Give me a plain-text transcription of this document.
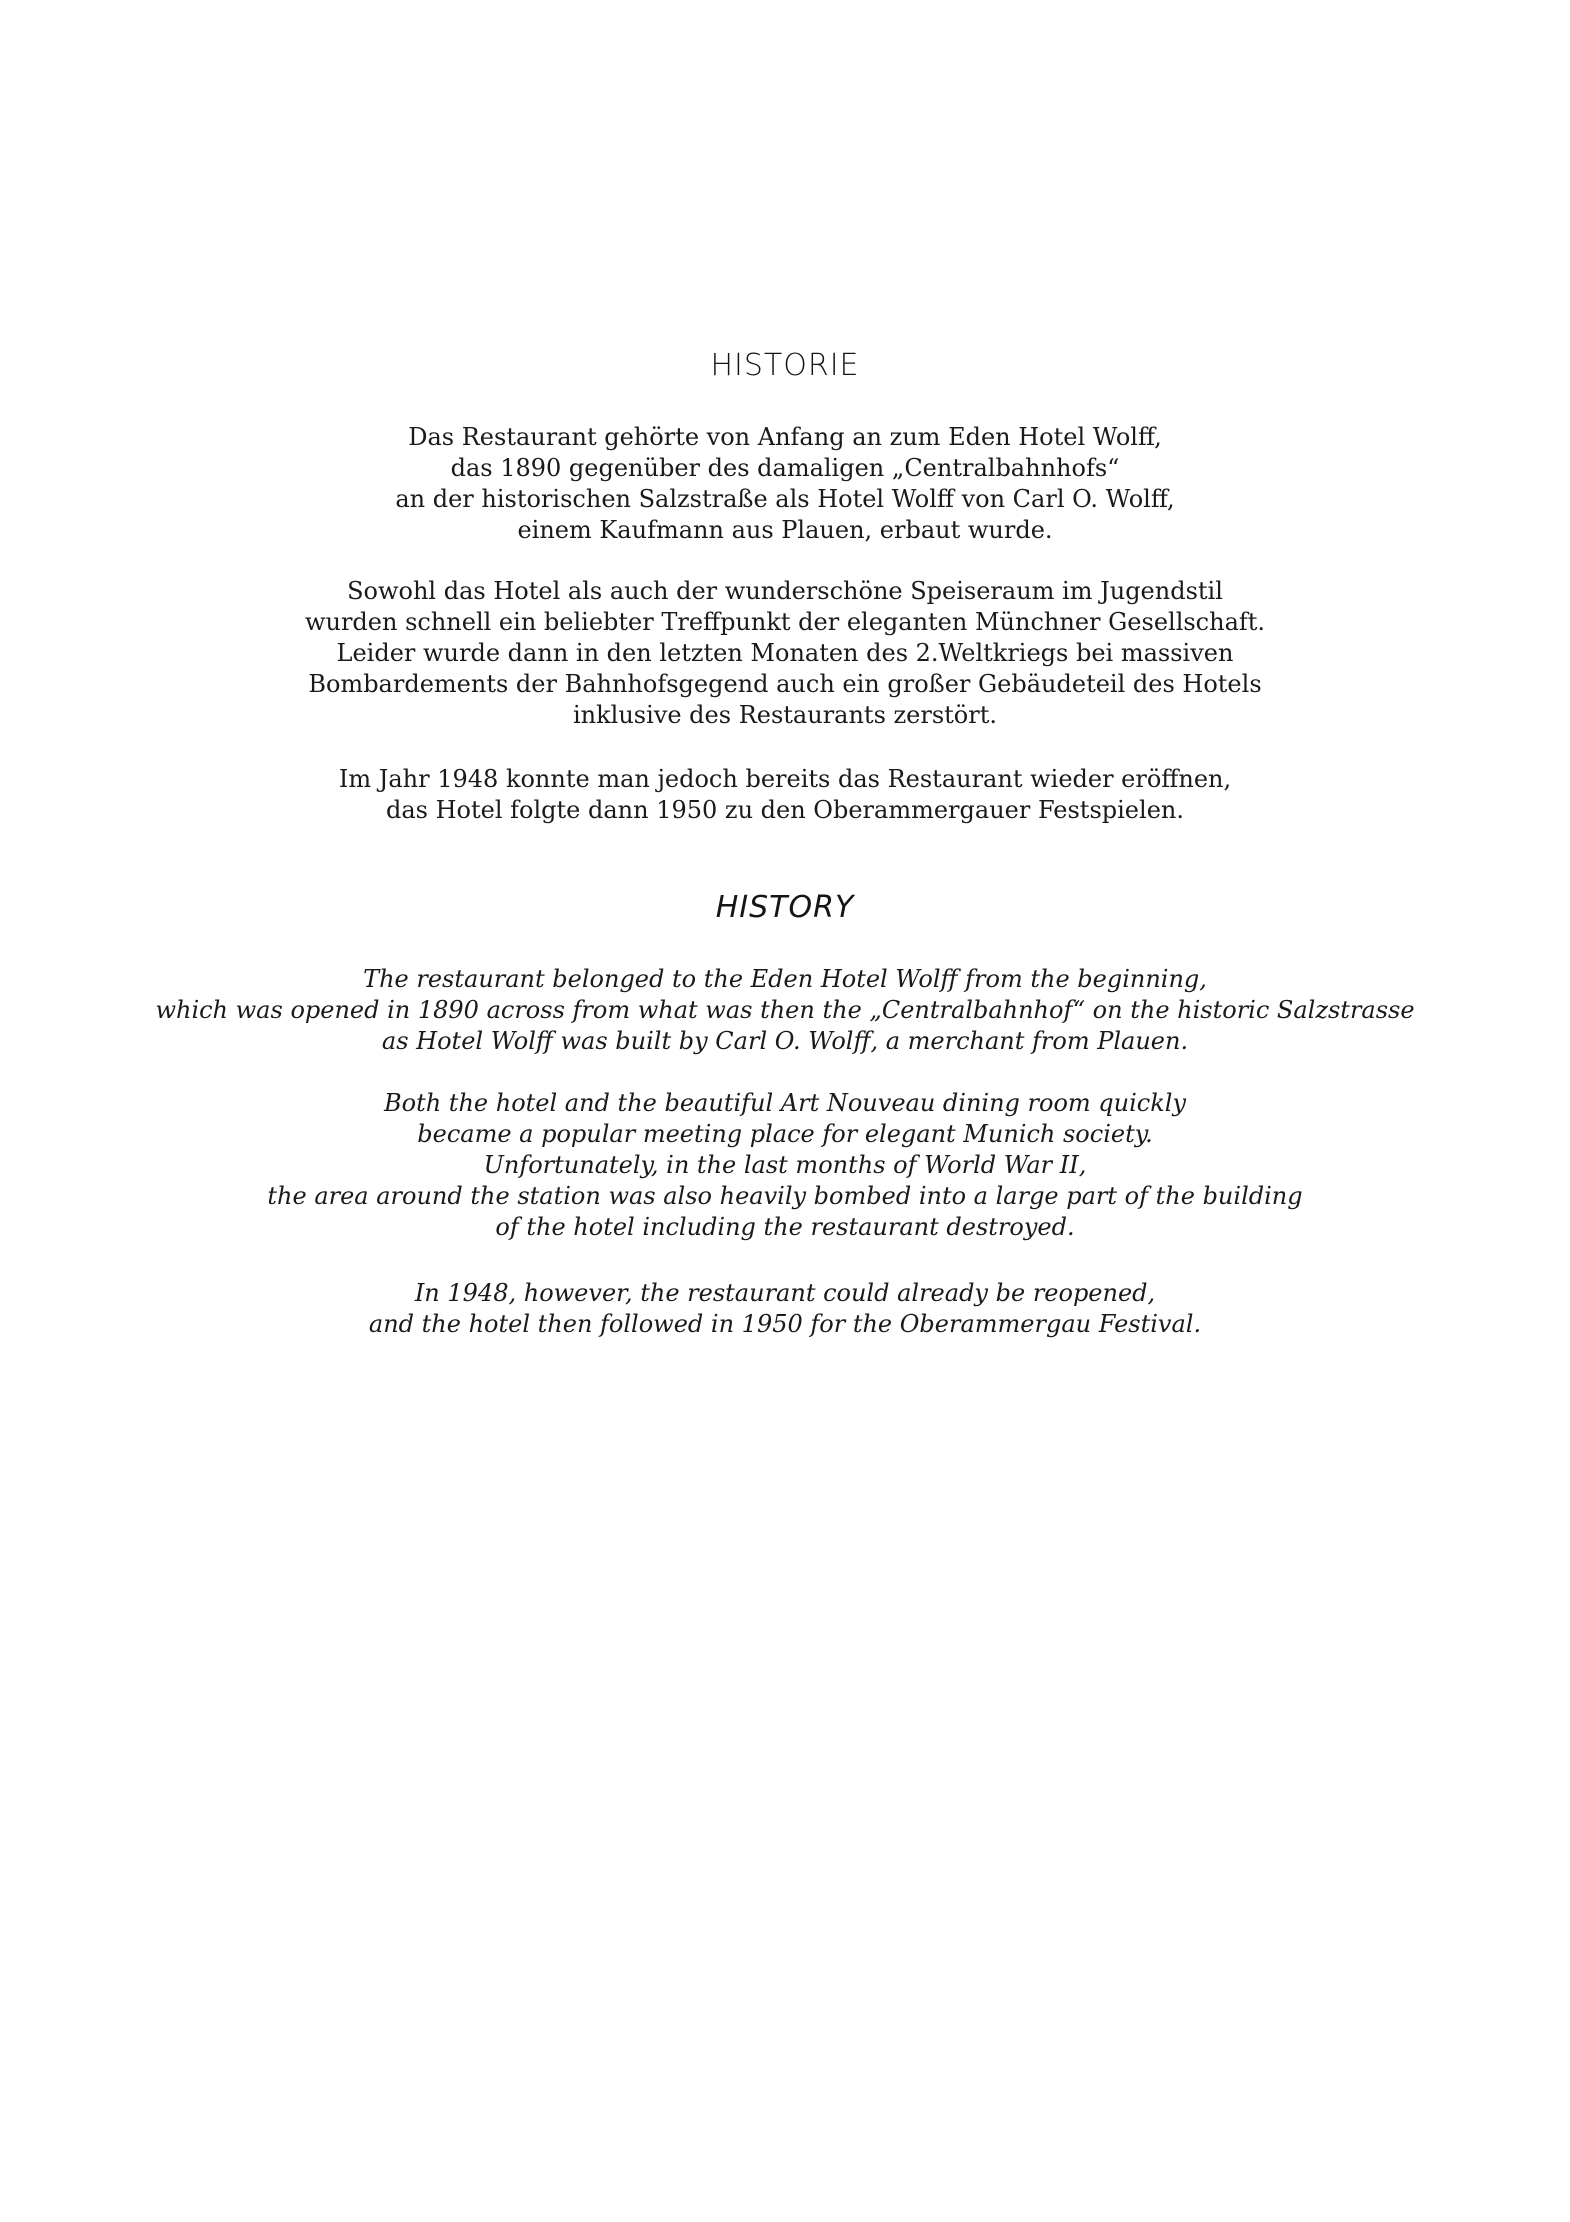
HISTORIE
Das Restaurant gehörte von Anfang an zum Eden Hotel Wolff,
das 1890 gegenüber des damaligen „Centralbahnhofs“
an der historischen Salzstraße als Hotel Wolff von Carl O. Wolff,
einem Kaufmann aus Plauen, erbaut wurde.
Sowohl das Hotel als auch der wunderschöne Speiseraum im Jugendstil
wurden schnell ein beliebter Treffpunkt der eleganten Münchner Gesellschaft.
Leider wurde dann in den letzten Monaten des 2.Weltkriegs bei massiven
Bombardements der Bahnhofsgegend auch ein großer Gebäudeteil des Hotels
inklusive des Restaurants zerstört.
Im Jahr 1948 konnte man jedoch bereits das Restaurant wieder eröffnen,
das Hotel folgte dann 1950 zu den Oberammergauer Festspielen.
HISTORY
The restaurant belonged to the Eden Hotel Wolff from the beginning,
which was opened in 1890 across from what was then the „Centralbahnhof“ on the historic Salzstrasse
as Hotel Wolff was built by Carl O. Wolff, a merchant from Plauen.
Both the hotel and the beautiful Art Nouveau dining room quickly
became a popular meeting place for elegant Munich society.
Unfortunately, in the last months of World War II,
the area around the station was also heavily bombed into a large part of the building
of the hotel including the restaurant destroyed.
In 1948, however, the restaurant could already be reopened,
and the hotel then followed in 1950 for the Oberammergau Festival.
